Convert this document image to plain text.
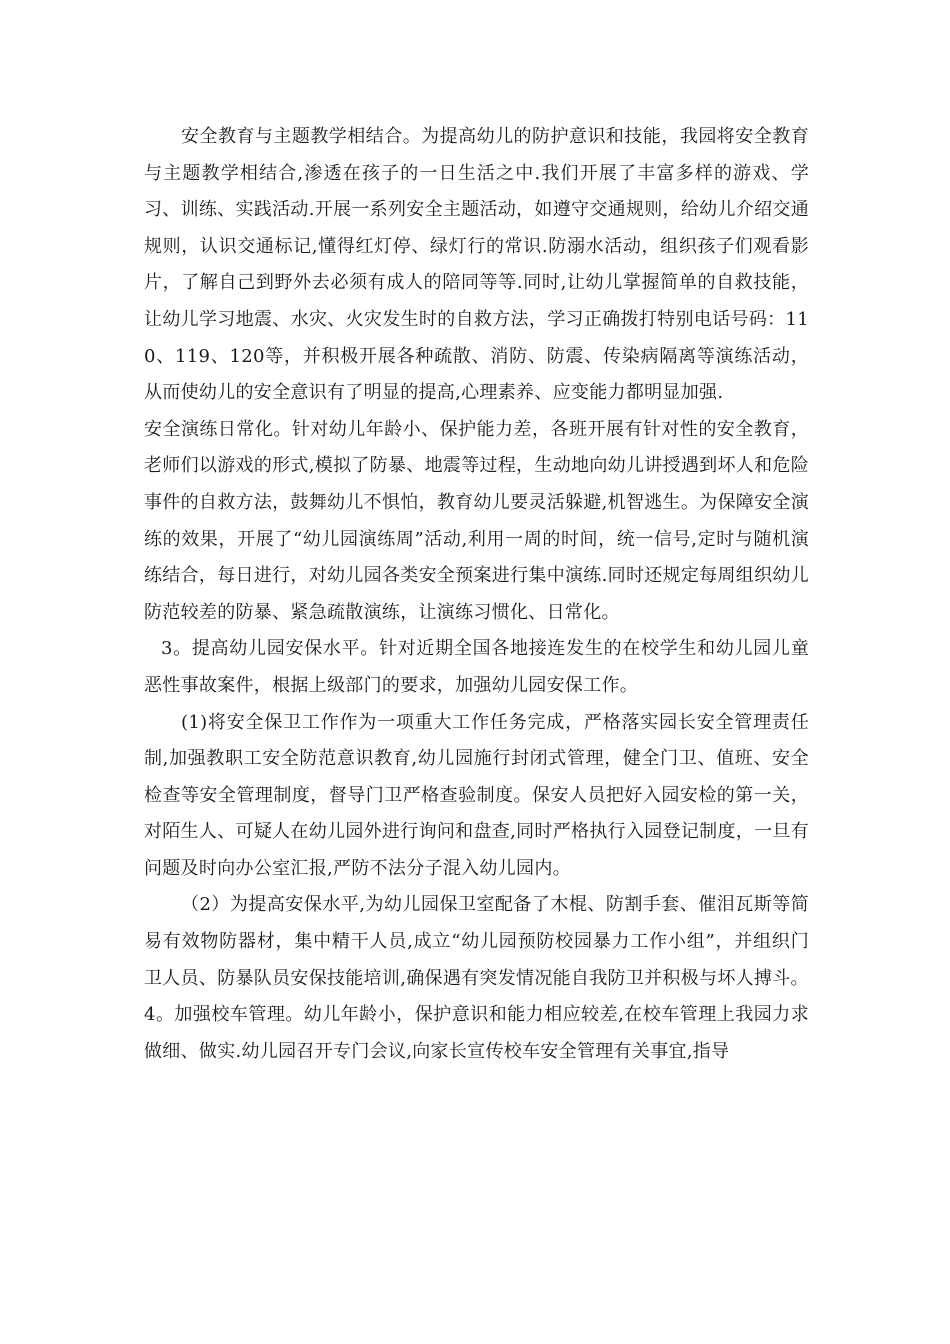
安全教育与主题教学相结合。为提高幼儿的防护意识和技能，我园将安全教育与主题教学相结合,渗透在孩子的一日生活之中.我们开展了丰富多样的游戏、学习、训练、实践活动.开展一系列安全主题活动，如遵守交通规则，给幼儿介绍交通规则，认识交通标记,懂得红灯停、绿灯行的常识.防溺水活动，组织孩子们观看影片，了解自己到野外去必须有成人的陪同等等.同时,让幼儿掌握简单的自救技能，让幼儿学习地震、水灾、火灾发生时的自救方法，学习正确拨打特别电话号码：110、119、120等，并积极开展各种疏散、消防、防震、传染病隔离等演练活动，从而使幼儿的安全意识有了明显的提高,心理素养、应变能力都明显加强.

安全演练日常化。针对幼儿年龄小、保护能力差，各班开展有针对性的安全教育，老师们以游戏的形式,模拟了防暴、地震等过程，生动地向幼儿讲授遇到坏人和危险事件的自救方法，鼓舞幼儿不惧怕，教育幼儿要灵活躲避,机智逃生。为保障安全演练的效果，开展了“幼儿园演练周”活动,利用一周的时间，统一信号,定时与随机演练结合，每日进行，对幼儿园各类安全预案进行集中演练.同时还规定每周组织幼儿防范较差的防暴、紧急疏散演练，让演练习惯化、日常化。

3。提高幼儿园安保水平。针对近期全国各地接连发生的在校学生和幼儿园儿童恶性事故案件，根据上级部门的要求，加强幼儿园安保工作。

(1)将安全保卫工作作为一项重大工作任务完成，严格落实园长安全管理责任制,加强教职工安全防范意识教育,幼儿园施行封闭式管理，健全门卫、值班、安全检查等安全管理制度，督导门卫严格查验制度。保安人员把好入园安检的第一关，对陌生人、可疑人在幼儿园外进行询问和盘查,同时严格执行入园登记制度，一旦有问题及时向办公室汇报,严防不法分子混入幼儿园内。

（2）为提高安保水平,为幼儿园保卫室配备了木棍、防割手套、催泪瓦斯等简易有效物防器材，集中精干人员,成立“幼儿园预防校园暴力工作小组”，并组织门卫人员、防暴队员安保技能培训,确保遇有突发情况能自我防卫并积极与坏人搏斗。

4。加强校车管理。幼儿年龄小，保护意识和能力相应较差,在校车管理上我园力求做细、做实.幼儿园召开专门会议,向家长宣传校车安全管理有关事宜,指导
